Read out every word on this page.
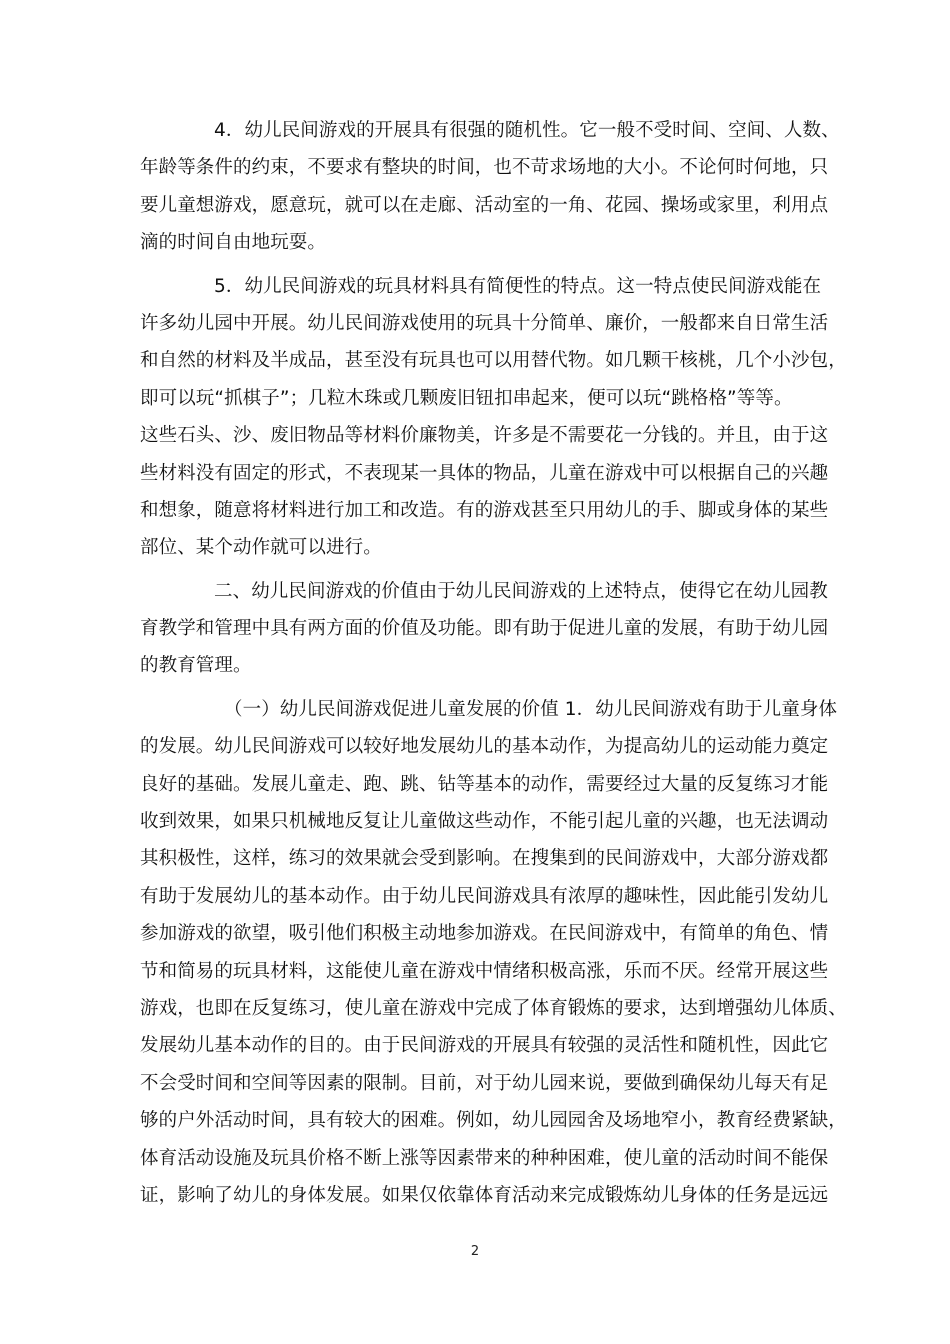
4．幼儿民间游戏的开展具有很强的随机性。它一般不受时间、空间、人数、
年龄等条件的约束，不要求有整块的时间，也不苛求场地的大小。不论何时何地，只
要儿童想游戏，愿意玩，就可以在走廊、活动室的一角、花园、操场或家里，利用点
滴的时间自由地玩耍。
5．幼儿民间游戏的玩具材料具有简便性的特点。这一特点使民间游戏能在
许多幼儿园中开展。幼儿民间游戏使用的玩具十分简单、廉价，一般都来自日常生活
和自然的材料及半成品，甚至没有玩具也可以用替代物。如几颗干核桃，几个小沙包，
即可以玩“抓棋子”；几粒木珠或几颗废旧钮扣串起来，便可以玩“跳格格”等等。
这些石头、沙、废旧物品等材料价廉物美，许多是不需要花一分钱的。并且，由于这
些材料没有固定的形式，不表现某一具体的物品，儿童在游戏中可以根据自己的兴趣
和想象，随意将材料进行加工和改造。有的游戏甚至只用幼儿的手、脚或身体的某些
部位、某个动作就可以进行。
二、幼儿民间游戏的价值由于幼儿民间游戏的上述特点，使得它在幼儿园教
育教学和管理中具有两方面的价值及功能。即有助于促进儿童的发展，有助于幼儿园
的教育管理。
（一）幼儿民间游戏促进儿童发展的价值 1．幼儿民间游戏有助于儿童身体
的发展。幼儿民间游戏可以较好地发展幼儿的基本动作，为提高幼儿的运动能力奠定
良好的基础。发展儿童走、跑、跳、钻等基本的动作，需要经过大量的反复练习才能
收到效果，如果只机械地反复让儿童做这些动作，不能引起儿童的兴趣，也无法调动
其积极性，这样，练习的效果就会受到影响。在搜集到的民间游戏中，大部分游戏都
有助于发展幼儿的基本动作。由于幼儿民间游戏具有浓厚的趣味性，因此能引发幼儿
参加游戏的欲望，吸引他们积极主动地参加游戏。在民间游戏中，有简单的角色、情
节和简易的玩具材料，这能使儿童在游戏中情绪积极高涨，乐而不厌。经常开展这些
游戏，也即在反复练习，使儿童在游戏中完成了体育锻炼的要求，达到增强幼儿体质、
发展幼儿基本动作的目的。由于民间游戏的开展具有较强的灵活性和随机性，因此它
不会受时间和空间等因素的限制。目前，对于幼儿园来说，要做到确保幼儿每天有足
够的户外活动时间，具有较大的困难。例如，幼儿园园舍及场地窄小，教育经费紧缺，
体育活动设施及玩具价格不断上涨等因素带来的种种困难，使儿童的活动时间不能保
证，影响了幼儿的身体发展。如果仅依靠体育活动来完成锻炼幼儿身体的任务是远远
2
